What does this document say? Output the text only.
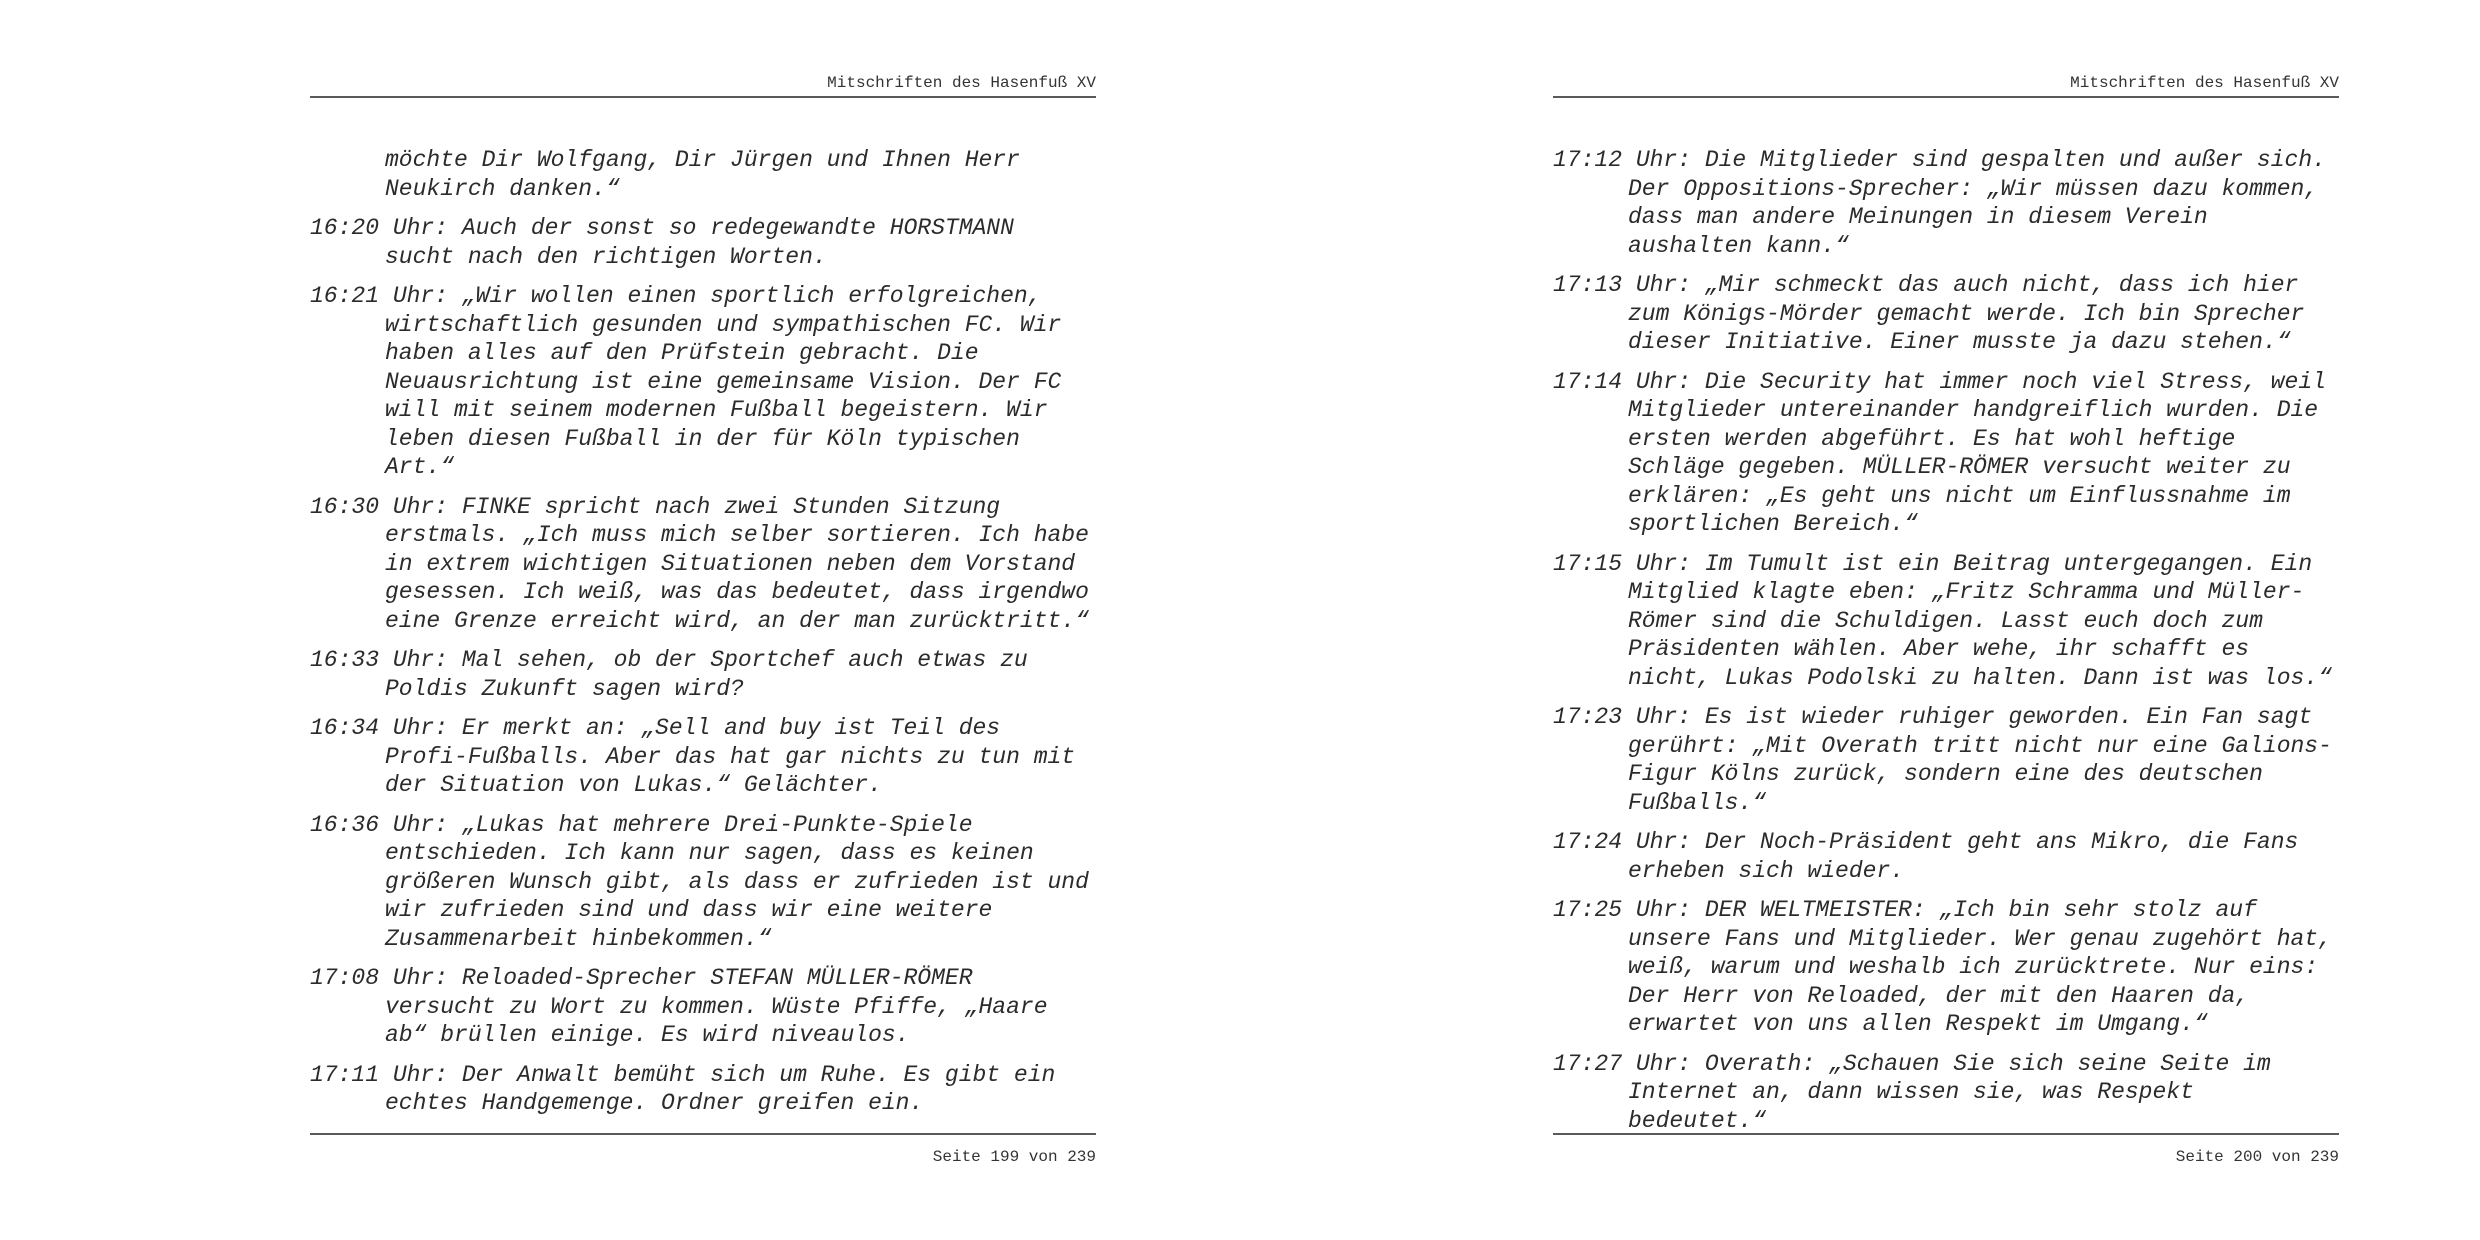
Mitschriften des Hasenfuß XV

möchte Dir Wolfgang, Dir Jürgen und Ihnen Herr Neukirch danken.“

16:20 Uhr: Auch der sonst so redegewandte HORSTMANN sucht nach den richtigen Worten.

16:21 Uhr: „Wir wollen einen sportlich erfolgreichen, wirtschaftlich gesunden und sympathischen FC. Wir haben alles auf den Prüfstein gebracht. Die Neuausrichtung ist eine gemeinsame Vision. Der FC will mit seinem modernen Fußball begeistern. Wir leben diesen Fußball in der für Köln typischen Art.“

16:30 Uhr: FINKE spricht nach zwei Stunden Sitzung erstmals. „Ich muss mich selber sortieren. Ich habe in extrem wichtigen Situationen neben dem Vorstand gesessen. Ich weiß, was das bedeutet, dass irgendwo eine Grenze erreicht wird, an der man zurücktritt.“

16:33 Uhr: Mal sehen, ob der Sportchef auch etwas zu Poldis Zukunft sagen wird?

16:34 Uhr: Er merkt an: „Sell and buy ist Teil des Profi-Fußballs. Aber das hat gar nichts zu tun mit der Situation von Lukas.“ Gelächter.

16:36 Uhr: „Lukas hat mehrere Drei-Punkte-Spiele entschieden. Ich kann nur sagen, dass es keinen größeren Wunsch gibt, als dass er zufrieden ist und wir zufrieden sind und dass wir eine weitere Zusammenarbeit hinbekommen.“

17:08 Uhr: Reloaded-Sprecher STEFAN MÜLLER-RÖMER versucht zu Wort zu kommen. Wüste Pfiffe, „Haare ab“ brüllen einige. Es wird niveaulos.

17:11 Uhr: Der Anwalt bemüht sich um Ruhe. Es gibt ein echtes Handgemenge. Ordner greifen ein.

Seite 199 von 239
Mitschriften des Hasenfuß XV

17:12 Uhr: Die Mitglieder sind gespalten und außer sich. Der Oppositions-Sprecher: „Wir müssen dazu kommen, dass man andere Meinungen in diesem Verein aushalten kann.“

17:13 Uhr: „Mir schmeckt das auch nicht, dass ich hier zum Königs-Mörder gemacht werde. Ich bin Sprecher dieser Initiative. Einer musste ja dazu stehen.“

17:14 Uhr: Die Security hat immer noch viel Stress, weil Mitglieder untereinander handgreiflich wurden. Die ersten werden abgeführt. Es hat wohl heftige Schläge gegeben. MÜLLER-RÖMER versucht weiter zu erklären: „Es geht uns nicht um Einflussnahme im sportlichen Bereich.“

17:15 Uhr: Im Tumult ist ein Beitrag untergegangen. Ein Mitglied klagte eben: „Fritz Schramma und Müller-Römer sind die Schuldigen. Lasst euch doch zum Präsidenten wählen. Aber wehe, ihr schafft es nicht, Lukas Podolski zu halten. Dann ist was los.“

17:23 Uhr: Es ist wieder ruhiger geworden. Ein Fan sagt gerührt: „Mit Overath tritt nicht nur eine Galions-Figur Kölns zurück, sondern eine des deutschen Fußballs.“

17:24 Uhr: Der Noch-Präsident geht ans Mikro, die Fans erheben sich wieder.

17:25 Uhr: DER WELTMEISTER: „Ich bin sehr stolz auf unsere Fans und Mitglieder. Wer genau zugehört hat, weiß, warum und weshalb ich zurücktrete. Nur eins: Der Herr von Reloaded, der mit den Haaren da, erwartet von uns allen Respekt im Umgang.“

17:27 Uhr: Overath: „Schauen Sie sich seine Seite im Internet an, dann wissen sie, was Respekt bedeutet.“

Seite 200 von 239
